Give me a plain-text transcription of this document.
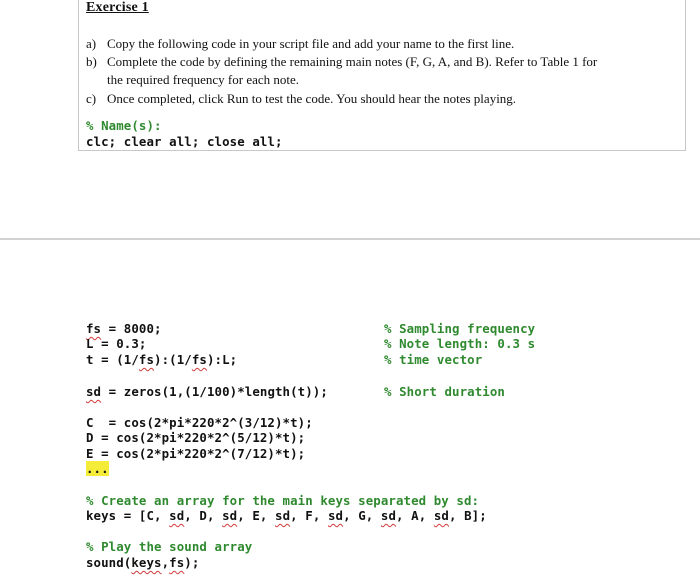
Exercise 1
a) Copy the following code in your script file and add your name to the first line.
b) Complete the code by defining the remaining main notes (F, G, A, and B). Refer to Table 1 for
the required frequency for each note.
c) Once completed, click Run to test the code. You should hear the notes playing.
% Name(s):
clc; clear all; close all;
fs = 8000;	% Sampling frequency
L = 0.3;	% Note length: 0.3 s
t = (1/fs):(1/fs):L;	% time vector
sd = zeros(1,(1/100)*length(t));	% Short duration
C  = cos(2*pi*220*2^(3/12)*t);
D = cos(2*pi*220*2^(5/12)*t);
E = cos(2*pi*220*2^(7/12)*t);
...
% Create an array for the main keys separated by sd:
keys = [C, sd, D, sd, E, sd, F, sd, G, sd, A, sd, B];
% Play the sound array
sound(keys,fs);
